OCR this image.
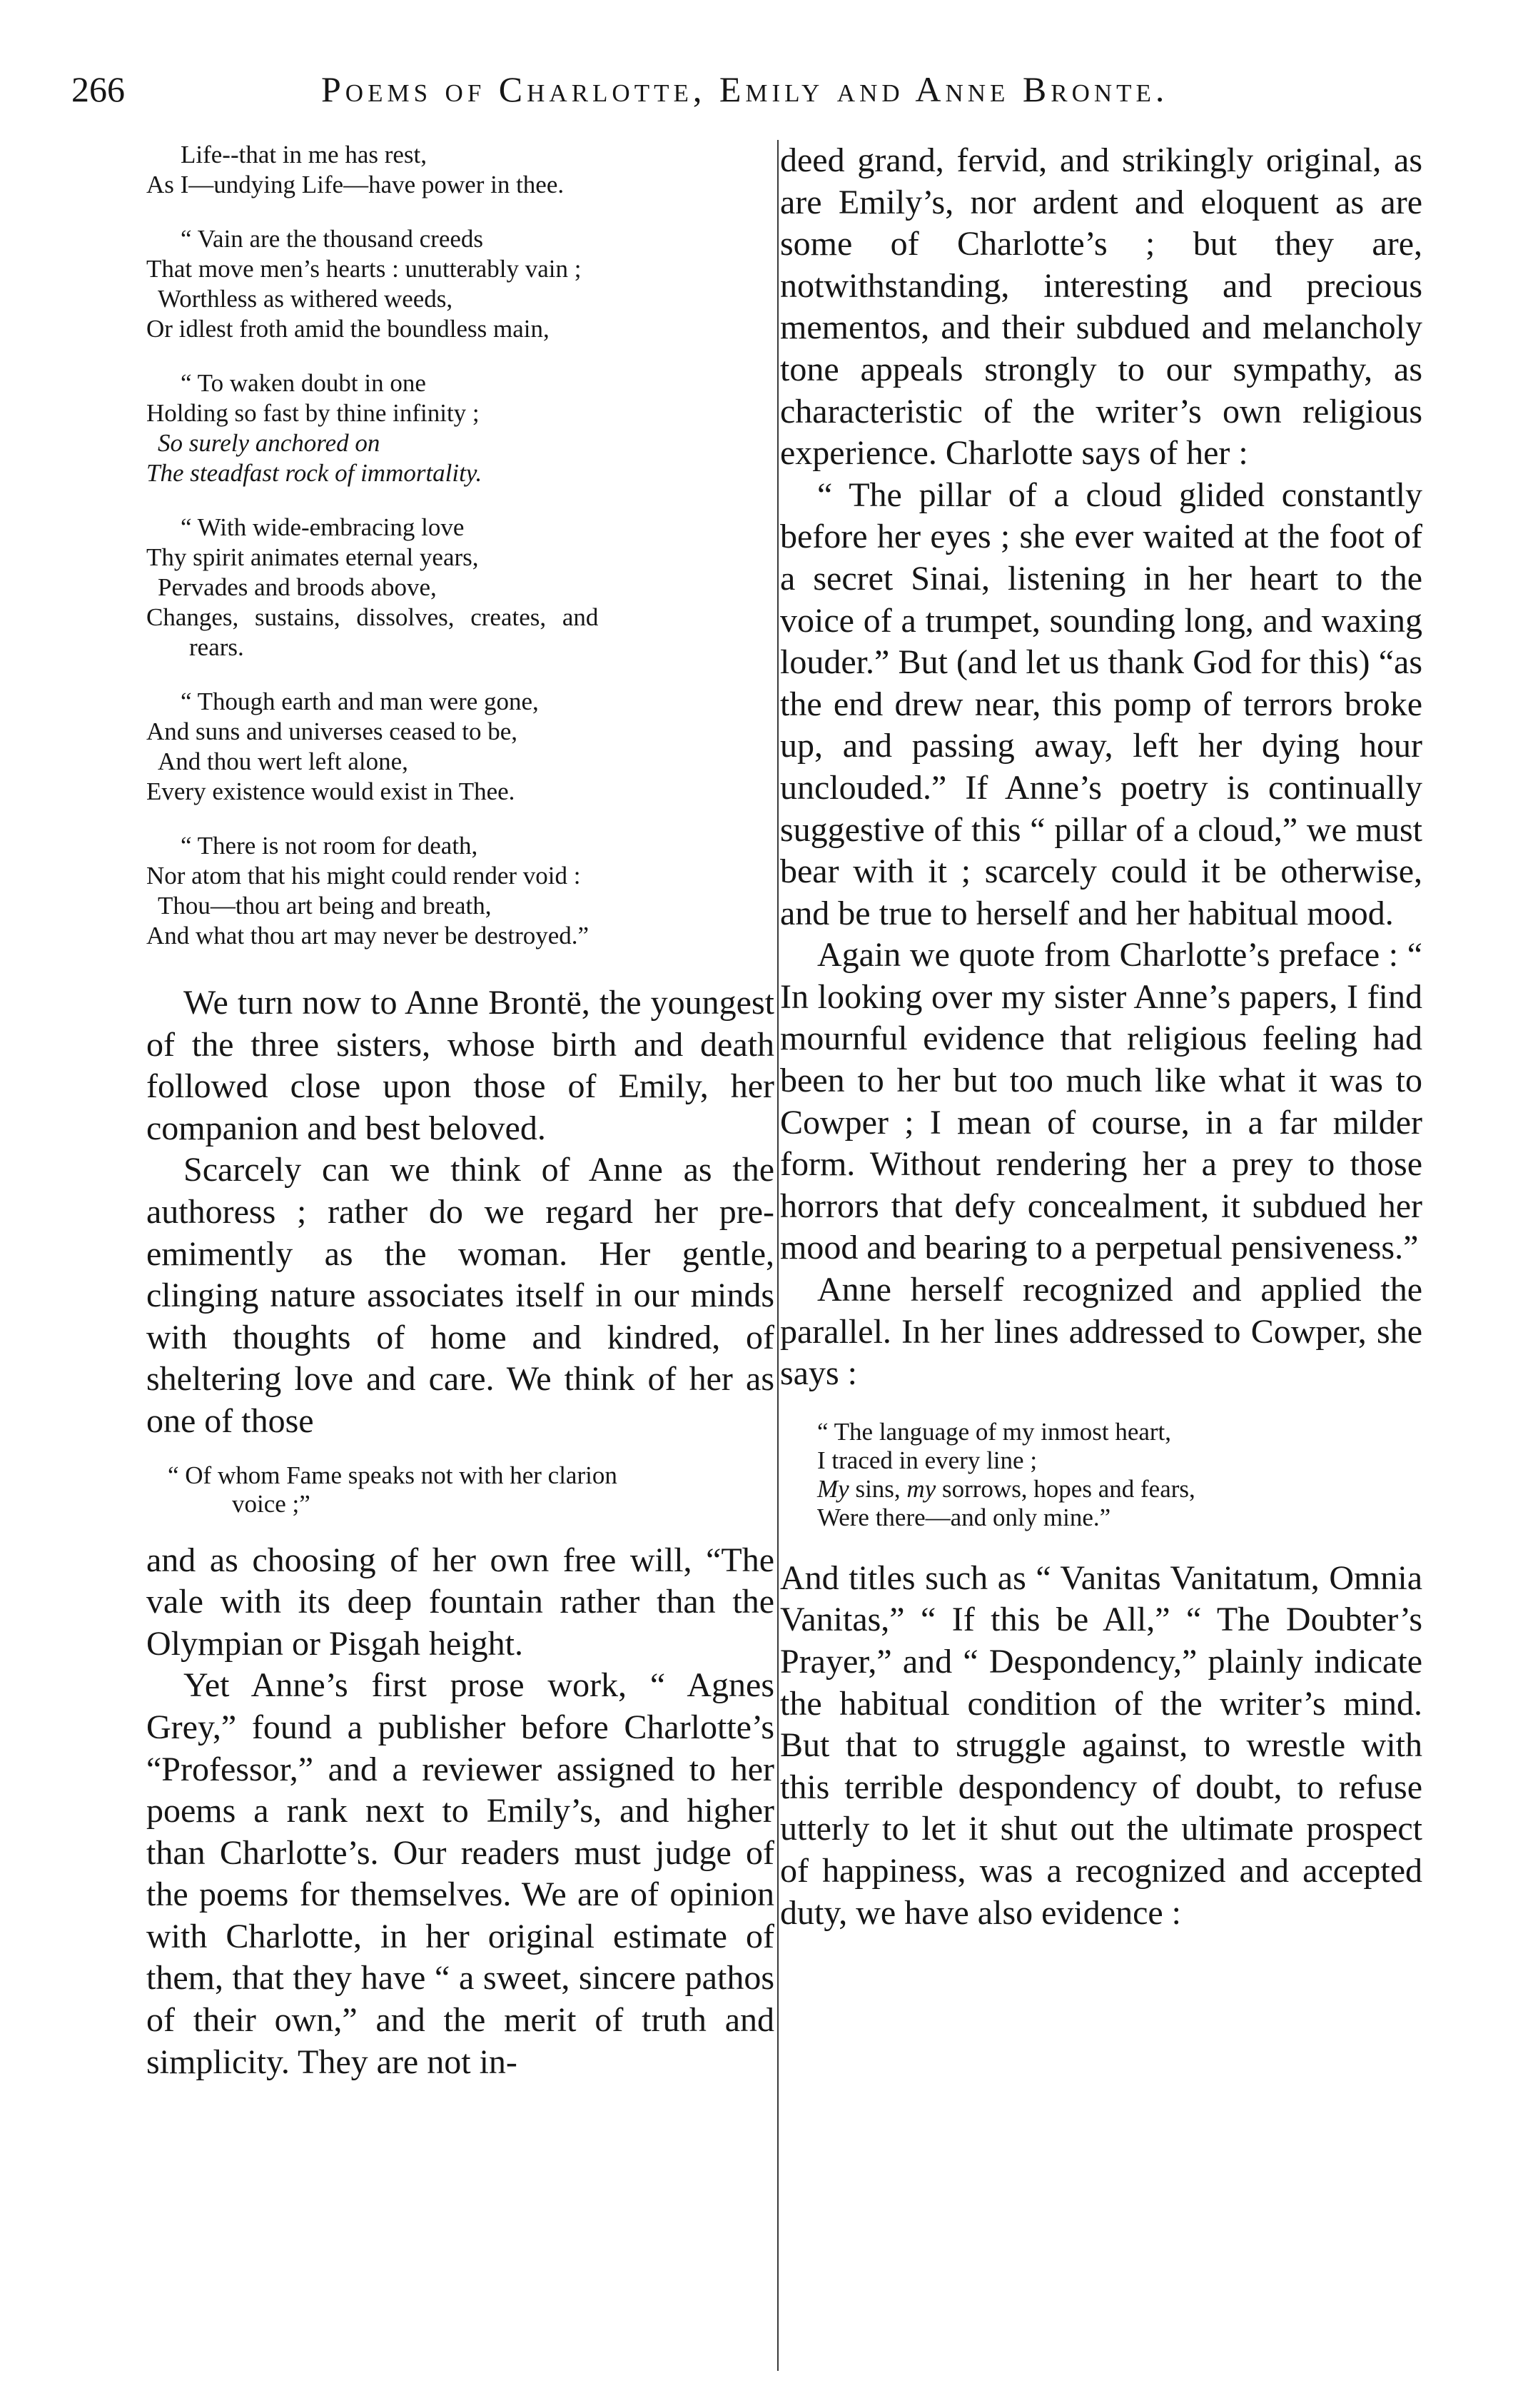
266	Poems of Charlotte, Emily and Anne Bronte.
Life--that in me has rest,
As I—undying Life—have power in thee.
“ Vain are the thousand creeds
That move men’s hearts : unutterably vain ;
Worthless as withered weeds,
Or idlest froth amid the boundless main,
“ To waken doubt in one
Holding so fast by thine infinity ;
So surely anchored on
The steadfast rock of immortality.
“ With wide-embracing love
Thy spirit animates eternal years,
Pervades and broods above,
Changes, sustains, dissolves, creates, and
rears.
“ Though earth and man were gone,
And suns and universes ceased to be,
And thou wert left alone,
Every existence would exist in Thee.
“ There is not room for death,
Nor atom that his might could render void :
Thou—thou art being and breath,
And what thou art may never be destroyed.”

We turn now to Anne Brontë, the youngest of the three sisters, whose birth and death followed close upon those of Emily, her companion and best beloved.

Scarcely can we think of Anne as the authoress ; rather do we regard her pre-emimently as the woman. Her gentle, clinging nature associates itself in our minds with thoughts of home and kindred, of sheltering love and care. We think of her as one of those

“ Of whom Fame speaks not with her clarion
voice ;”

and as choosing of her own free will, “The vale with its deep fountain rather than the Olympian or Pisgah height.

Yet Anne’s first prose work, “ Agnes Grey,” found a publisher before Charlotte’s “Professor,” and a reviewer assigned to her poems a rank next to Emily’s, and higher than Charlotte’s. Our readers must judge of the poems for themselves. We are of opinion with Charlotte, in her original estimate of them, that they have “ a sweet, sincere pathos of their own,” and the merit of truth and simplicity. They are not in-

deed grand, fervid, and strikingly original, as are Emily’s, nor ardent and eloquent as are some of Charlotte’s ; but they are, notwithstanding, interesting and precious mementos, and their subdued and melancholy tone appeals strongly to our sympathy, as characteristic of the writer’s own religious experience. Charlotte says of her :

“ The pillar of a cloud glided constantly before her eyes ; she ever waited at the foot of a secret Sinai, listening in her heart to the voice of a trumpet, sounding long, and waxing louder.” But (and let us thank God for this) “as the end drew near, this pomp of terrors broke up, and passing away, left her dying hour unclouded.” If Anne’s poetry is continually suggestive of this “ pillar of a cloud,” we must bear with it ; scarcely could it be otherwise, and be true to herself and her habitual mood.

Again we quote from Charlotte’s preface : “ In looking over my sister Anne’s papers, I find mournful evidence that religious feeling had been to her but too much like what it was to Cowper ; I mean of course, in a far milder form. Without rendering her a prey to those horrors that defy concealment, it subdued her mood and bearing to a perpetual pensiveness.”

Anne herself recognized and applied the parallel. In her lines addressed to Cowper, she says :

“ The language of my inmost heart,
I traced in every line ;
My sins, my sorrows, hopes and fears,
Were there—and only mine.”

And titles such as “ Vanitas Vanitatum, Omnia Vanitas,” “ If this be All,” “ The Doubter’s Prayer,” and “ Despondency,” plainly indicate the habitual condition of the writer’s mind. But that to struggle against, to wrestle with this terrible despondency of doubt, to refuse utterly to let it shut out the ultimate prospect of happiness, was a recognized and accepted duty, we have also evidence :
